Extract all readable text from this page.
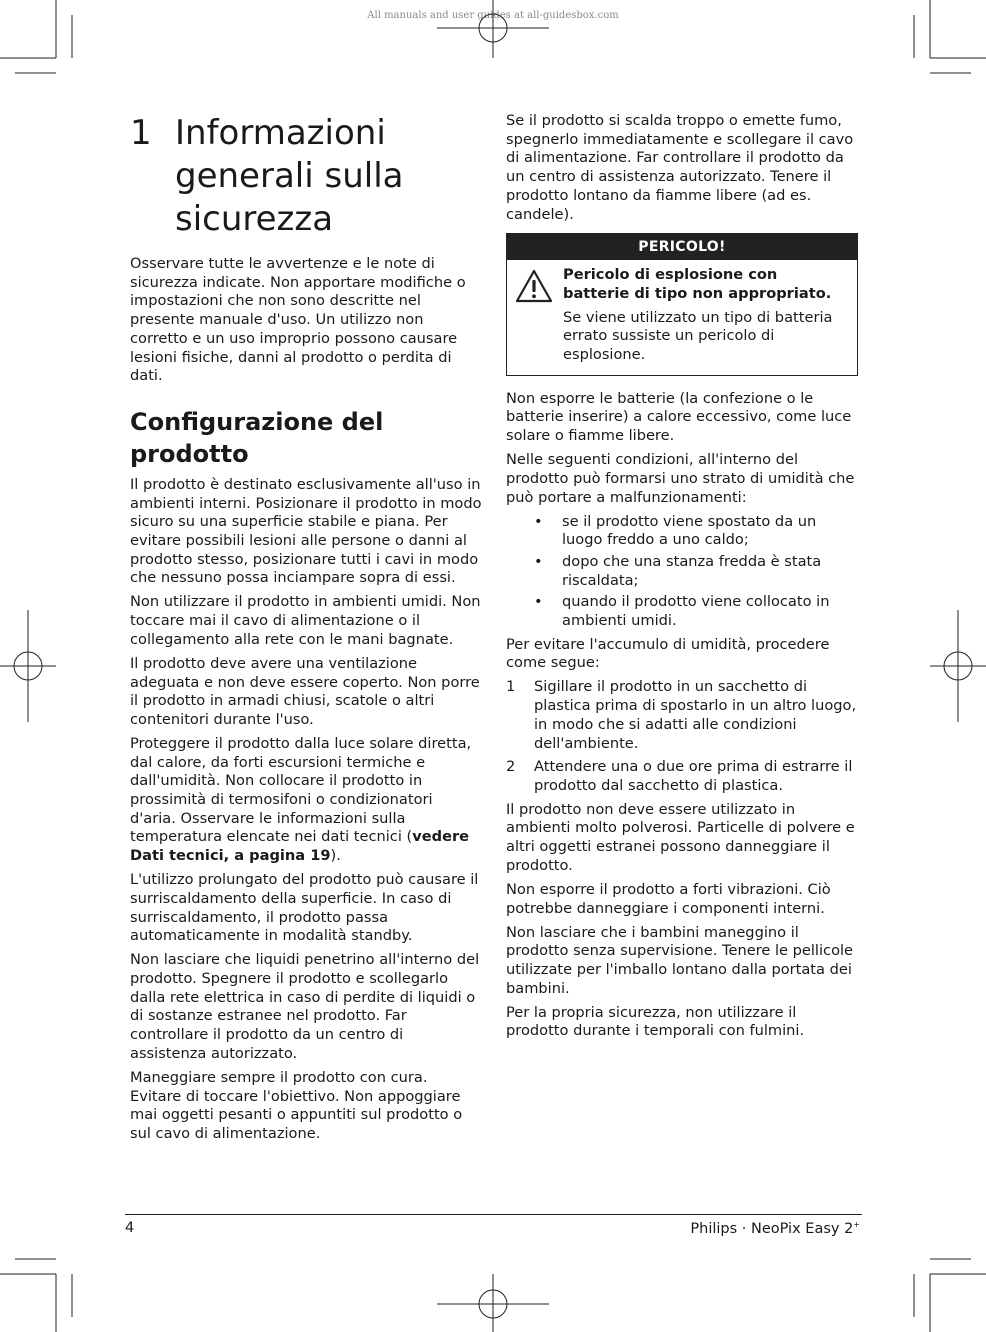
All manuals and user guides at all-guidesbox.com
1 Informazioni generali sulla sicurezza

Osservare tutte le avvertenze e le note di sicurezza indicate. Non apportare modifiche o impostazioni che non sono descritte nel presente manuale d'uso. Un utilizzo non corretto e un uso improprio possono causare lesioni fisiche, danni al prodotto o perdita di dati.

Configurazione del prodotto

Il prodotto è destinato esclusivamente all'uso in ambienti interni. Posizionare il prodotto in modo sicuro su una superficie stabile e piana. Per evitare possibili lesioni alle persone o danni al prodotto stesso, posizionare tutti i cavi in modo che nessuno possa inciampare sopra di essi.

Non utilizzare il prodotto in ambienti umidi. Non toccare mai il cavo di alimentazione o il collegamento alla rete con le mani bagnate.

Il prodotto deve avere una ventilazione adeguata e non deve essere coperto. Non porre il prodotto in armadi chiusi, scatole o altri contenitori durante l'uso.

Proteggere il prodotto dalla luce solare diretta, dal calore, da forti escursioni termiche e dall'umidità. Non collocare il prodotto in prossimità di termosifoni o condizionatori d'aria. Osservare le informazioni sulla temperatura elencate nei dati tecnici (vedere Dati tecnici, a pagina 19).

L'utilizzo prolungato del prodotto può causare il surriscaldamento della superficie. In caso di surriscaldamento, il prodotto passa automaticamente in modalità standby.

Non lasciare che liquidi penetrino all'interno del prodotto. Spegnere il prodotto e scollegarlo dalla rete elettrica in caso di perdite di liquidi o di sostanze estranee nel prodotto. Far controllare il prodotto da un centro di assistenza autorizzato.

Maneggiare sempre il prodotto con cura. Evitare di toccare l'obiettivo. Non appoggiare mai oggetti pesanti o appuntiti sul prodotto o sul cavo di alimentazione.

Se il prodotto si scalda troppo o emette fumo, spegnerlo immediatamente e scollegare il cavo di alimentazione. Far controllare il prodotto da un centro di assistenza autorizzato. Tenere il prodotto lontano da fiamme libere (ad es. candele).

PERICOLO!

Pericolo di esplosione con batterie di tipo non appropriato.

Se viene utilizzato un tipo di batteria errato sussiste un pericolo di esplosione.

Non esporre le batterie (la confezione o le batterie inserire) a calore eccessivo, come luce solare o fiamme libere.

Nelle seguenti condizioni, all'interno del prodotto può formarsi uno strato di umidità che può portare a malfunzionamenti:

• se il prodotto viene spostato da un luogo freddo a uno caldo;
• dopo che una stanza fredda è stata riscaldata;
• quando il prodotto viene collocato in ambienti umidi.

Per evitare l'accumulo di umidità, procedere come segue:

1 Sigillare il prodotto in un sacchetto di plastica prima di spostarlo in un altro luogo, in modo che si adatti alle condizioni dell'ambiente.
2 Attendere una o due ore prima di estrarre il prodotto dal sacchetto di plastica.

Il prodotto non deve essere utilizzato in ambienti molto polverosi. Particelle di polvere e altri oggetti estranei possono danneggiare il prodotto.

Non esporre il prodotto a forti vibrazioni. Ciò potrebbe danneggiare i componenti interni.

Non lasciare che i bambini maneggino il prodotto senza supervisione. Tenere le pellicole utilizzate per l'imballo lontano dalla portata dei bambini.

Per la propria sicurezza, non utilizzare il prodotto durante i temporali con fulmini.

4	Philips · NeoPix Easy 2+
